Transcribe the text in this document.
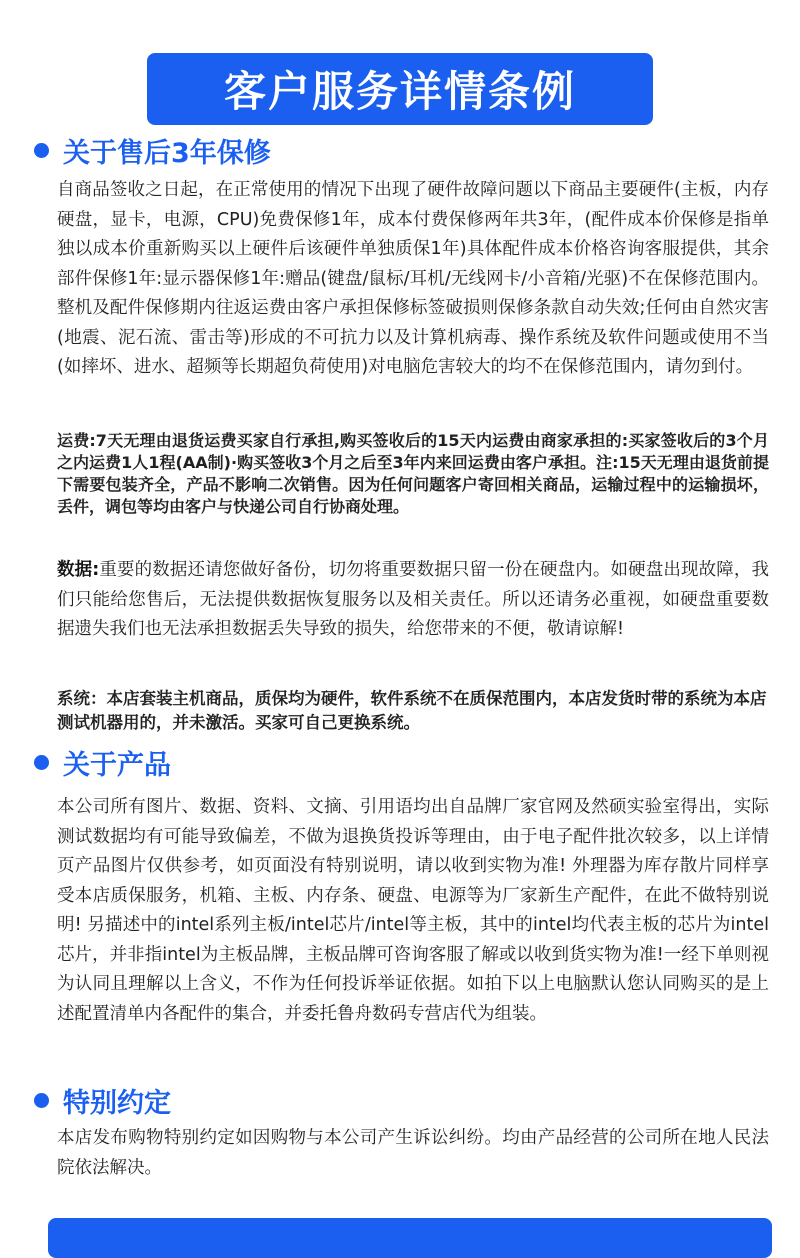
客户服务详情条例
关于售后3年保修

自商品签收之日起，在正常使用的情况下出现了硬件故障问题以下商品主要硬件(主板，内存硬盘，显卡，电源，CPU)免费保修1年，成本付费保修两年共3年，(配件成本价保修是指单独以成本价重新购买以上硬件后该硬件单独质保1年)具体配件成本价格咨询客服提供，其余部件保修1年:显示器保修1年:赠品(键盘/鼠标/耳机/无线网卡/小音箱/光驱)不在保修范围内。整机及配件保修期内往返运费由客户承担保修标签破损则保修条款自动失效;任何由自然灾害(地震、泥石流、雷击等)形成的不可抗力以及计算机病毒、操作系统及软件问题或使用不当(如摔坏、进水、超频等长期超负荷使用)对电脑危害较大的均不在保修范围内，请勿到付。

运费:7天无理由退货运费买家自行承担,购买签收后的15天内运费由商家承担的:买家签收后的3个月之内运费1人1程(AA制)·购买签收3个月之后至3年内来回运费由客户承担。注:15天无理由退货前提下需要包装齐全，产品不影响二次销售。因为任何问题客户寄回相关商品，运输过程中的运输损坏，丢件，调包等均由客户与快递公司自行协商处理。

数据:重要的数据还请您做好备份，切勿将重要数据只留一份在硬盘内。如硬盘出现故障，我们只能给您售后，无法提供数据恢复服务以及相关责任。所以还请务必重视，如硬盘重要数据遗失我们也无法承担数据丢失导致的损失，给您带来的不便，敬请谅解!

系统：本店套装主机商品，质保均为硬件，软件系统不在质保范围内，本店发货时带的系统为本店测试机器用的，并未激活。买家可自己更换系统。

关于产品

本公司所有图片、数据、资料、文摘、引用语均出自品牌厂家官网及然硕实验室得出，实际测试数据均有可能导致偏差，不做为退换货投诉等理由，由于电子配件批次较多，以上详情页产品图片仅供参考，如页面没有特别说明，请以收到实物为准! 外理器为库存散片同样享受本店质保服务，机箱、主板、内存条、硬盘、电源等为厂家新生产配件，在此不做特别说明! 另描述中的intel系列主板/intel芯片/intel等主板，其中的intel均代表主板的芯片为intel芯片，并非指intel为主板品牌，主板品牌可咨询客服了解或以收到货实物为准!一经下单则视为认同且理解以上含义，不作为任何投诉举证依据。如拍下以上电脑默认您认同购买的是上述配置清单内各配件的集合，并委托鲁舟数码专营店代为组装。

特别约定

本店发布购物特别约定如因购物与本公司产生诉讼纠纷。均由产品经营的公司所在地人民法院依法解决。
